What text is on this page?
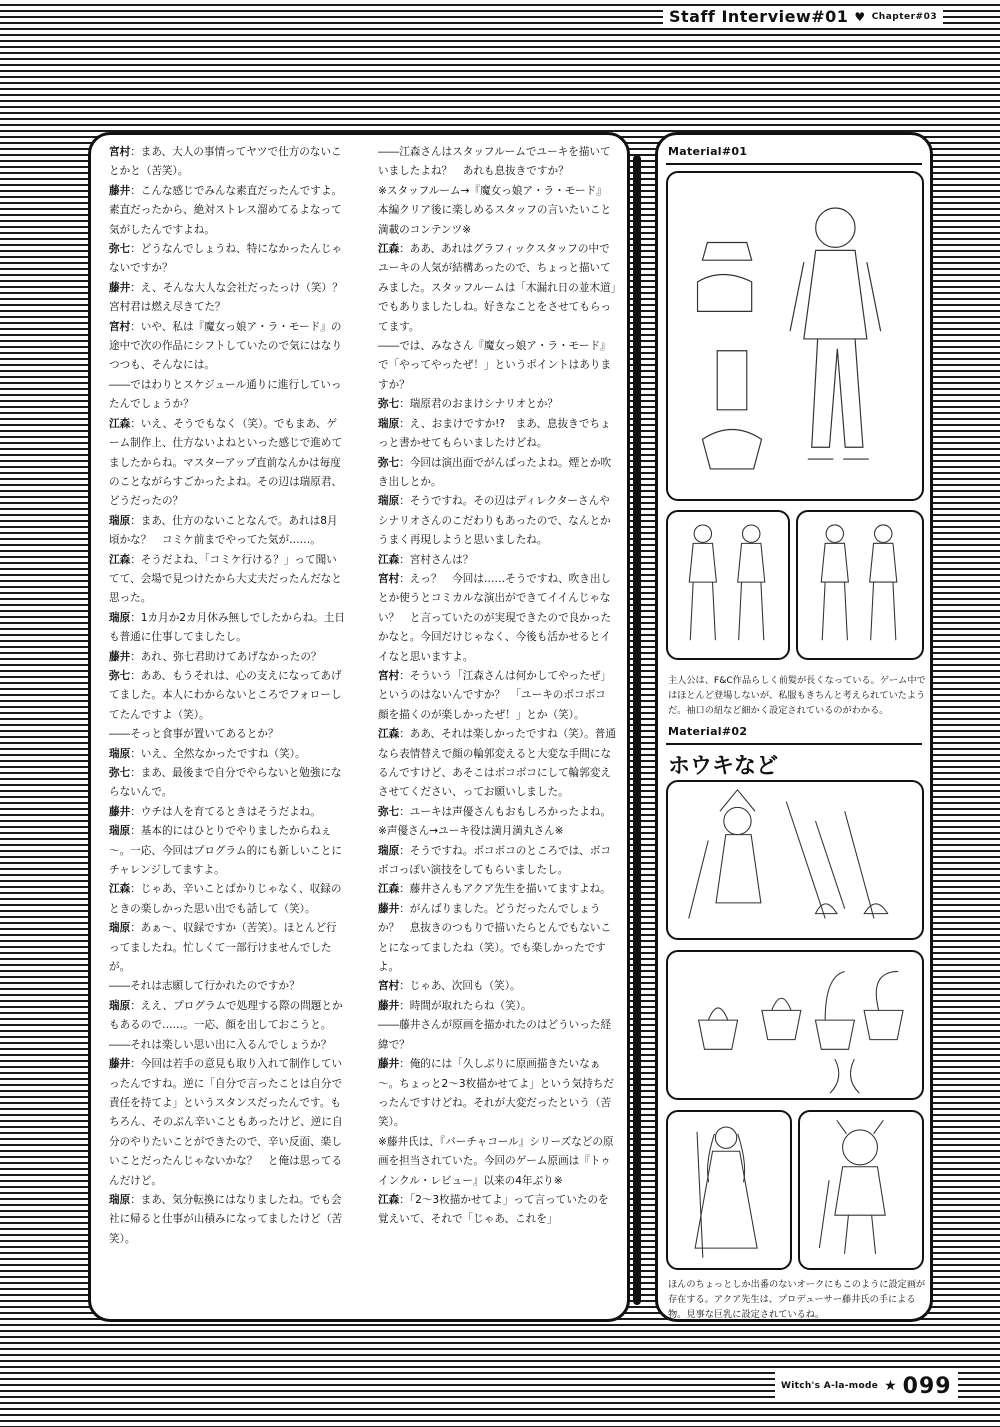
Staff Interview#01 ♥ Chapter#03

宮村：まあ、大人の事情ってヤツで仕方のないことかと（苦笑）。

藤井：こんな感じでみんな素直だったんですよ。素直だったから、絶対ストレス溜めてるよなって気がしたんですよね。

弥七：どうなんでしょうね、特になかったんじゃないですか？

藤井：え、そんな大人な会社だったっけ（笑）？　宮村君は燃え尽きてた？

宮村：いや、私は『魔女っ娘ア・ラ・モード』の途中で次の作品にシフトしていたので気にはなりつつも、そんなには。

――ではわりとスケジュール通りに進行していったんでしょうか？

江森：いえ、そうでもなく（笑）。でもまあ、ゲーム制作上、仕方ないよねといった感じで進めてましたからね。マスターアップ直前なんかは毎度のことながらすごかったよね。その辺は瑞原君、どうだったの？

瑞原：まあ、仕方のないことなんで。あれは8月頃かな？　コミケ前までやってた気が……。

江森：そうだよね、「コミケ行ける？」って聞いてて、会場で見つけたから大丈夫だったんだなと思った。

瑞原：1カ月か2カ月休み無しでしたからね。土日も普通に仕事してましたし。

藤井：あれ、弥七君助けてあげなかったの？

弥七：ああ、もうそれは、心の支えになってあげてました。本人にわからないところでフォローしてたんですよ（笑）。

――そっと食事が置いてあるとか？

瑞原：いえ、全然なかったですね（笑）。

弥七：まあ、最後まで自分でやらないと勉強にならないんで。

藤井：ウチは人を育てるときはそうだよね。

瑞原：基本的にはひとりでやりましたからねぇ～。一応、今回はプログラム的にも新しいことにチャレンジしてますよ。

江森：じゃあ、辛いことばかりじゃなく、収録のときの楽しかった思い出でも話して（笑）。

瑞原：あぁ～、収録ですか（苦笑）。ほとんど行ってましたね。忙しくて一部行けませんでしたが。

――それは志願して行かれたのですか？

瑞原：ええ、プログラムで処理する際の問題とかもあるので……。一応、顔を出しておこうと。

――それは楽しい思い出に入るんでしょうか？

藤井：今回は若手の意見も取り入れて制作していったんですね。逆に「自分で言ったことは自分で責任を持てよ」というスタンスだったんです。もちろん、そのぶん辛いこともあったけど、逆に自分のやりたいことができたので、辛い反面、楽しいことだったんじゃないかな？　と俺は思ってるんだけど。

瑞原：まあ、気分転換にはなりましたね。でも会社に帰ると仕事が山積みになってましたけど（苦笑）。

――江森さんはスタッフルームでユーキを描いていましたよね？　あれも息抜きですか？

※スタッフルーム→『魔女っ娘ア・ラ・モード』本編クリア後に楽しめるスタッフの言いたいこと満載のコンテンツ※

江森：ああ、あれはグラフィックスタッフの中でユーキの人気が結構あったので、ちょっと描いてみました。スタッフルームは「木漏れ日の並木道」でもありましたしね。好きなことをさせてもらってます。

――では、みなさん『魔女っ娘ア・ラ・モード』で「やってやったぜ！」というポイントはありますか？

弥七：瑞原君のおまけシナリオとか？

瑞原：え、おまけですか!?　まあ、息抜きでちょっと書かせてもらいましたけどね。

弥七：今回は演出面でがんばったよね。煙とか吹き出しとか。

瑞原：そうですね。その辺はディレクターさんやシナリオさんのこだわりもあったので、なんとかうまく再現しようと思いましたね。

江森：宮村さんは？

宮村：えっ？　今回は……そうですね、吹き出しとか使うとコミカルな演出ができてイイんじゃない？　と言っていたのが実現できたので良かったかなと。今回だけじゃなく、今後も活かせるとイイなと思いますよ。

宮村：そういう「江森さんは何かしてやったぜ」というのはないんですか？　「ユーキのボコボコ顔を描くのが楽しかったぜ！」とか（笑）。

江森：ああ、それは楽しかったですね（笑）。普通なら表情替えで顔の輪郭変えると大変な手間になるんですけど、あそこはボコボコにして輪郭変えさせてください、ってお願いしました。

弥七：ユーキは声優さんもおもしろかったよね。

※声優さん→ユーキ役は満月満丸さん※

瑞原：そうですね。ボコボコのところでは、ボコボコっぽい演技をしてもらいましたし。

江森：藤井さんもアクア先生を描いてますよね。

藤井：がんばりました。どうだったんでしょうか？　息抜きのつもりで描いたらとんでもないことになってましたね（笑）。でも楽しかったですよ。

宮村：じゃあ、次回も（笑）。

藤井：時間が取れたらね（笑）。

――藤井さんが原画を描かれたのはどういった経緯で？

藤井：俺的には「久しぶりに原画描きたいなぁ～。ちょっと2～3枚描かせてよ」という気持ちだったんですけどね。それが大変だったという（苦笑）。

※藤井氏は、『バーチャコール』シリーズなどの原画を担当されていた。今回のゲーム原画は『トゥインクル・レビュー』以来の4年ぶり※

江森：「2～3枚描かせてよ」って言っていたのを覚えいて、それで「じゃあ、これを」

Material#01
主人公は、F&C作品らしく前髪が長くなっている。ゲーム中ではほとんど登場しないが、私服もきちんと考えられていたようだ。袖口の紐など細かく設定されているのがわかる。
Material#02
ホウキなど
ほんのちょっとしか出番のないオークにもこのように設定画が存在する。アクア先生は、プロデューサー藤井氏の手による物。見事な巨乳に設定されているね。
Witch's A-la-mode ★ 099
